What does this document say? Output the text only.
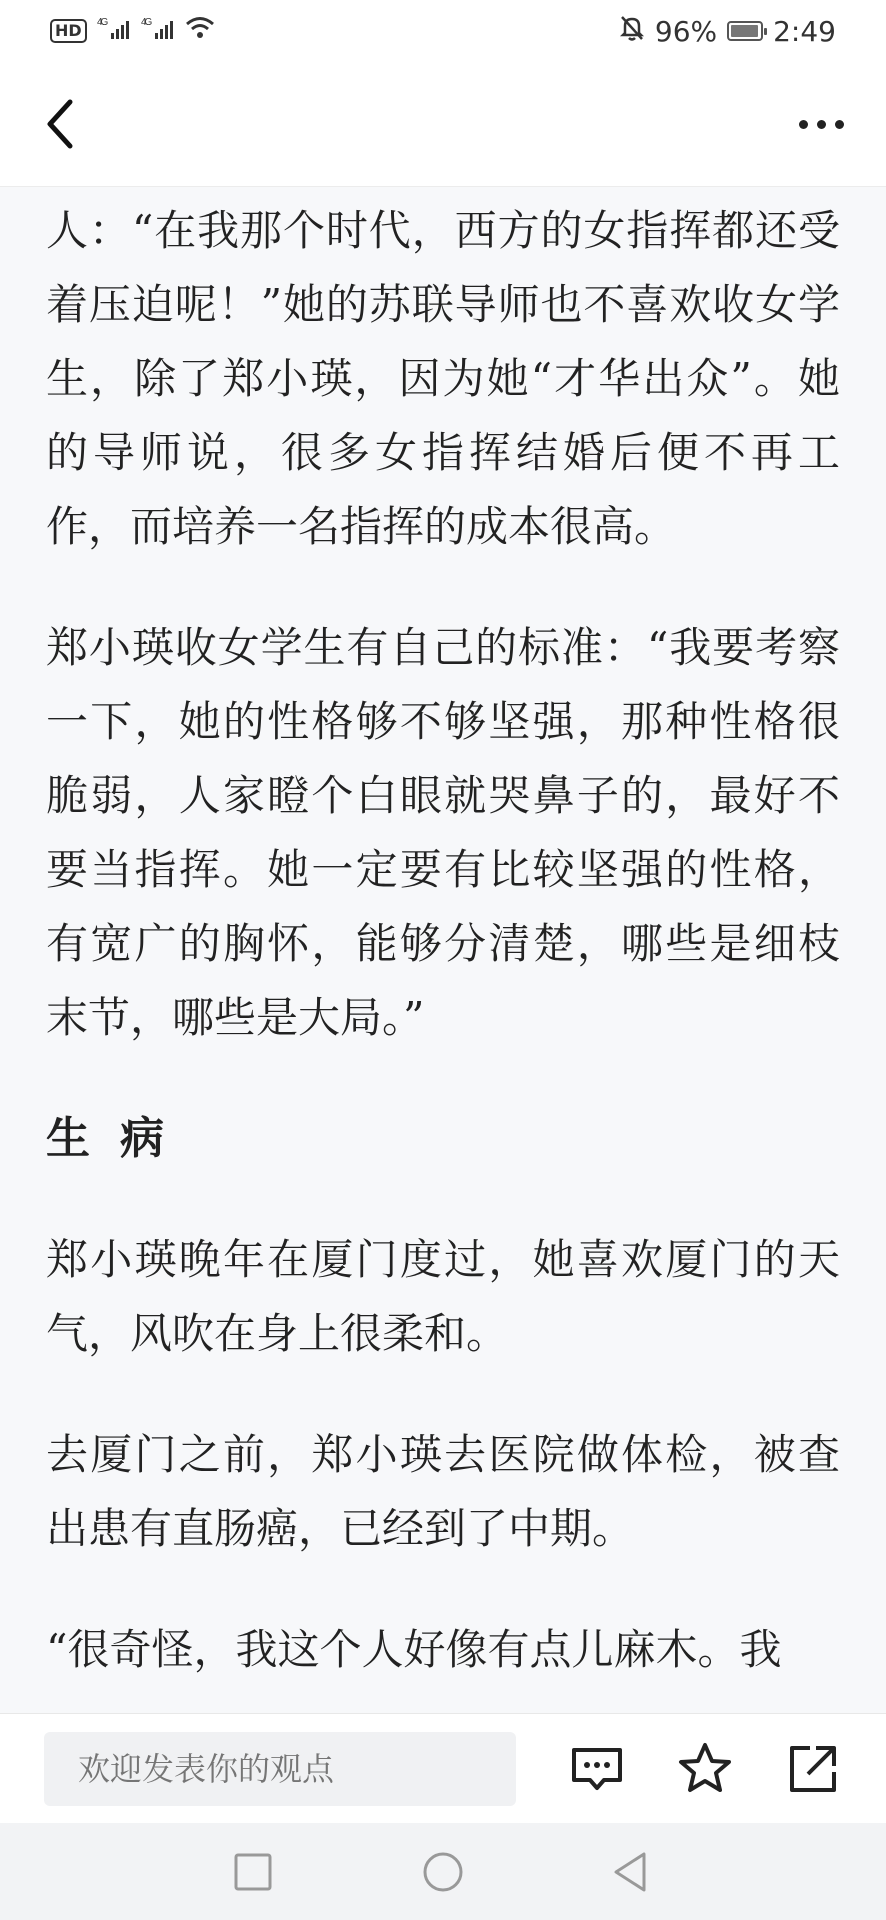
HD	4G	4G	96% 2:49

人：“在我那个时代，西方的女指挥都还受着压迫呢！”她的苏联导师也不喜欢收女学生，除了郑小瑛，因为她“才华出众”。她的导师说，很多女指挥结婚后便不再工作，而培养一名指挥的成本很高。

郑小瑛收女学生有自己的标准：“我要考察一下，她的性格够不够坚强，那种性格很脆弱，人家瞪个白眼就哭鼻子的，最好不要当指挥。她一定要有比较坚强的性格，有宽广的胸怀，能够分清楚，哪些是细枝末节，哪些是大局。”

生病

郑小瑛晚年在厦门度过，她喜欢厦门的天气，风吹在身上很柔和。

去厦门之前，郑小瑛去医院做体检，被查出患有直肠癌，已经到了中期。

“很奇怪，我这个人好像有点儿麻木。我

欢迎发表你的观点
